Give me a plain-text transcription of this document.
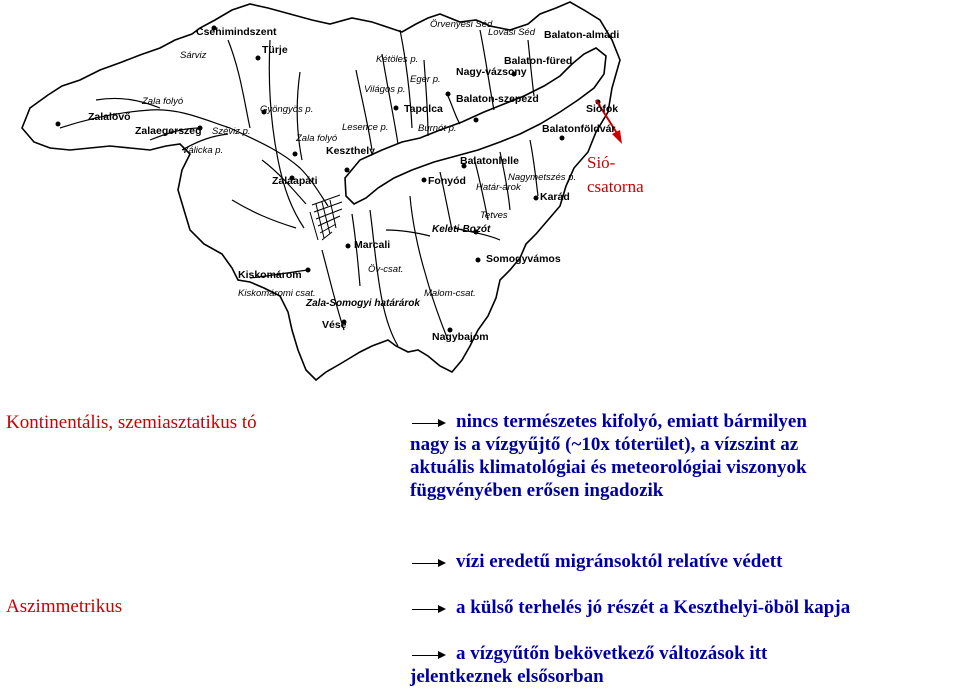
Csehimindszent
Sárviz	Türje
Zala folyó
Zalalövő
Zalaegerszeg Széviz p.
Válicka p.
Gyöngyös p.
Zala folyó
Lesence p.
Keszthely
Zalaapáti
Kétöles p.
Világos p.
Eger p.
Tapolca
Burnót p.
Örvenyesi Séd
Lovasi Séd
Nagy-vázsony
Balaton-szepezd
Balaton-füred
Balaton-almádi
Siófok
Balatonföldvár
Balatonlelle
Fonyód
Határ-árok
Tetves
Nagymetszés p.
Karád
Keleti-Bozót
Somogyvámos
Marcali
Öv-csat.
Kiskomárom
Kiskomáromi csat.
Zala-Somogyi határárok
Vése
Malom-csat.
Nagybajom
Sió-
csatorna
Kontinentális, szemiasztatikus tó
Aszimmetrikus
nincs természetes kifolyó, emiatt bármilyen
nagy is a vízgyűjtő (~10x tóterület), a vízszint az
aktuális klimatológiai és meteorológiai viszonyok
függvényében erősen ingadozik
vízi eredetű migránsoktól relatíve védett
a külső terhelés jó részét a Keszthelyi-öböl kapja
a vízgyűtőn bekövetkező változások itt
jelentkeznek elsősorban
